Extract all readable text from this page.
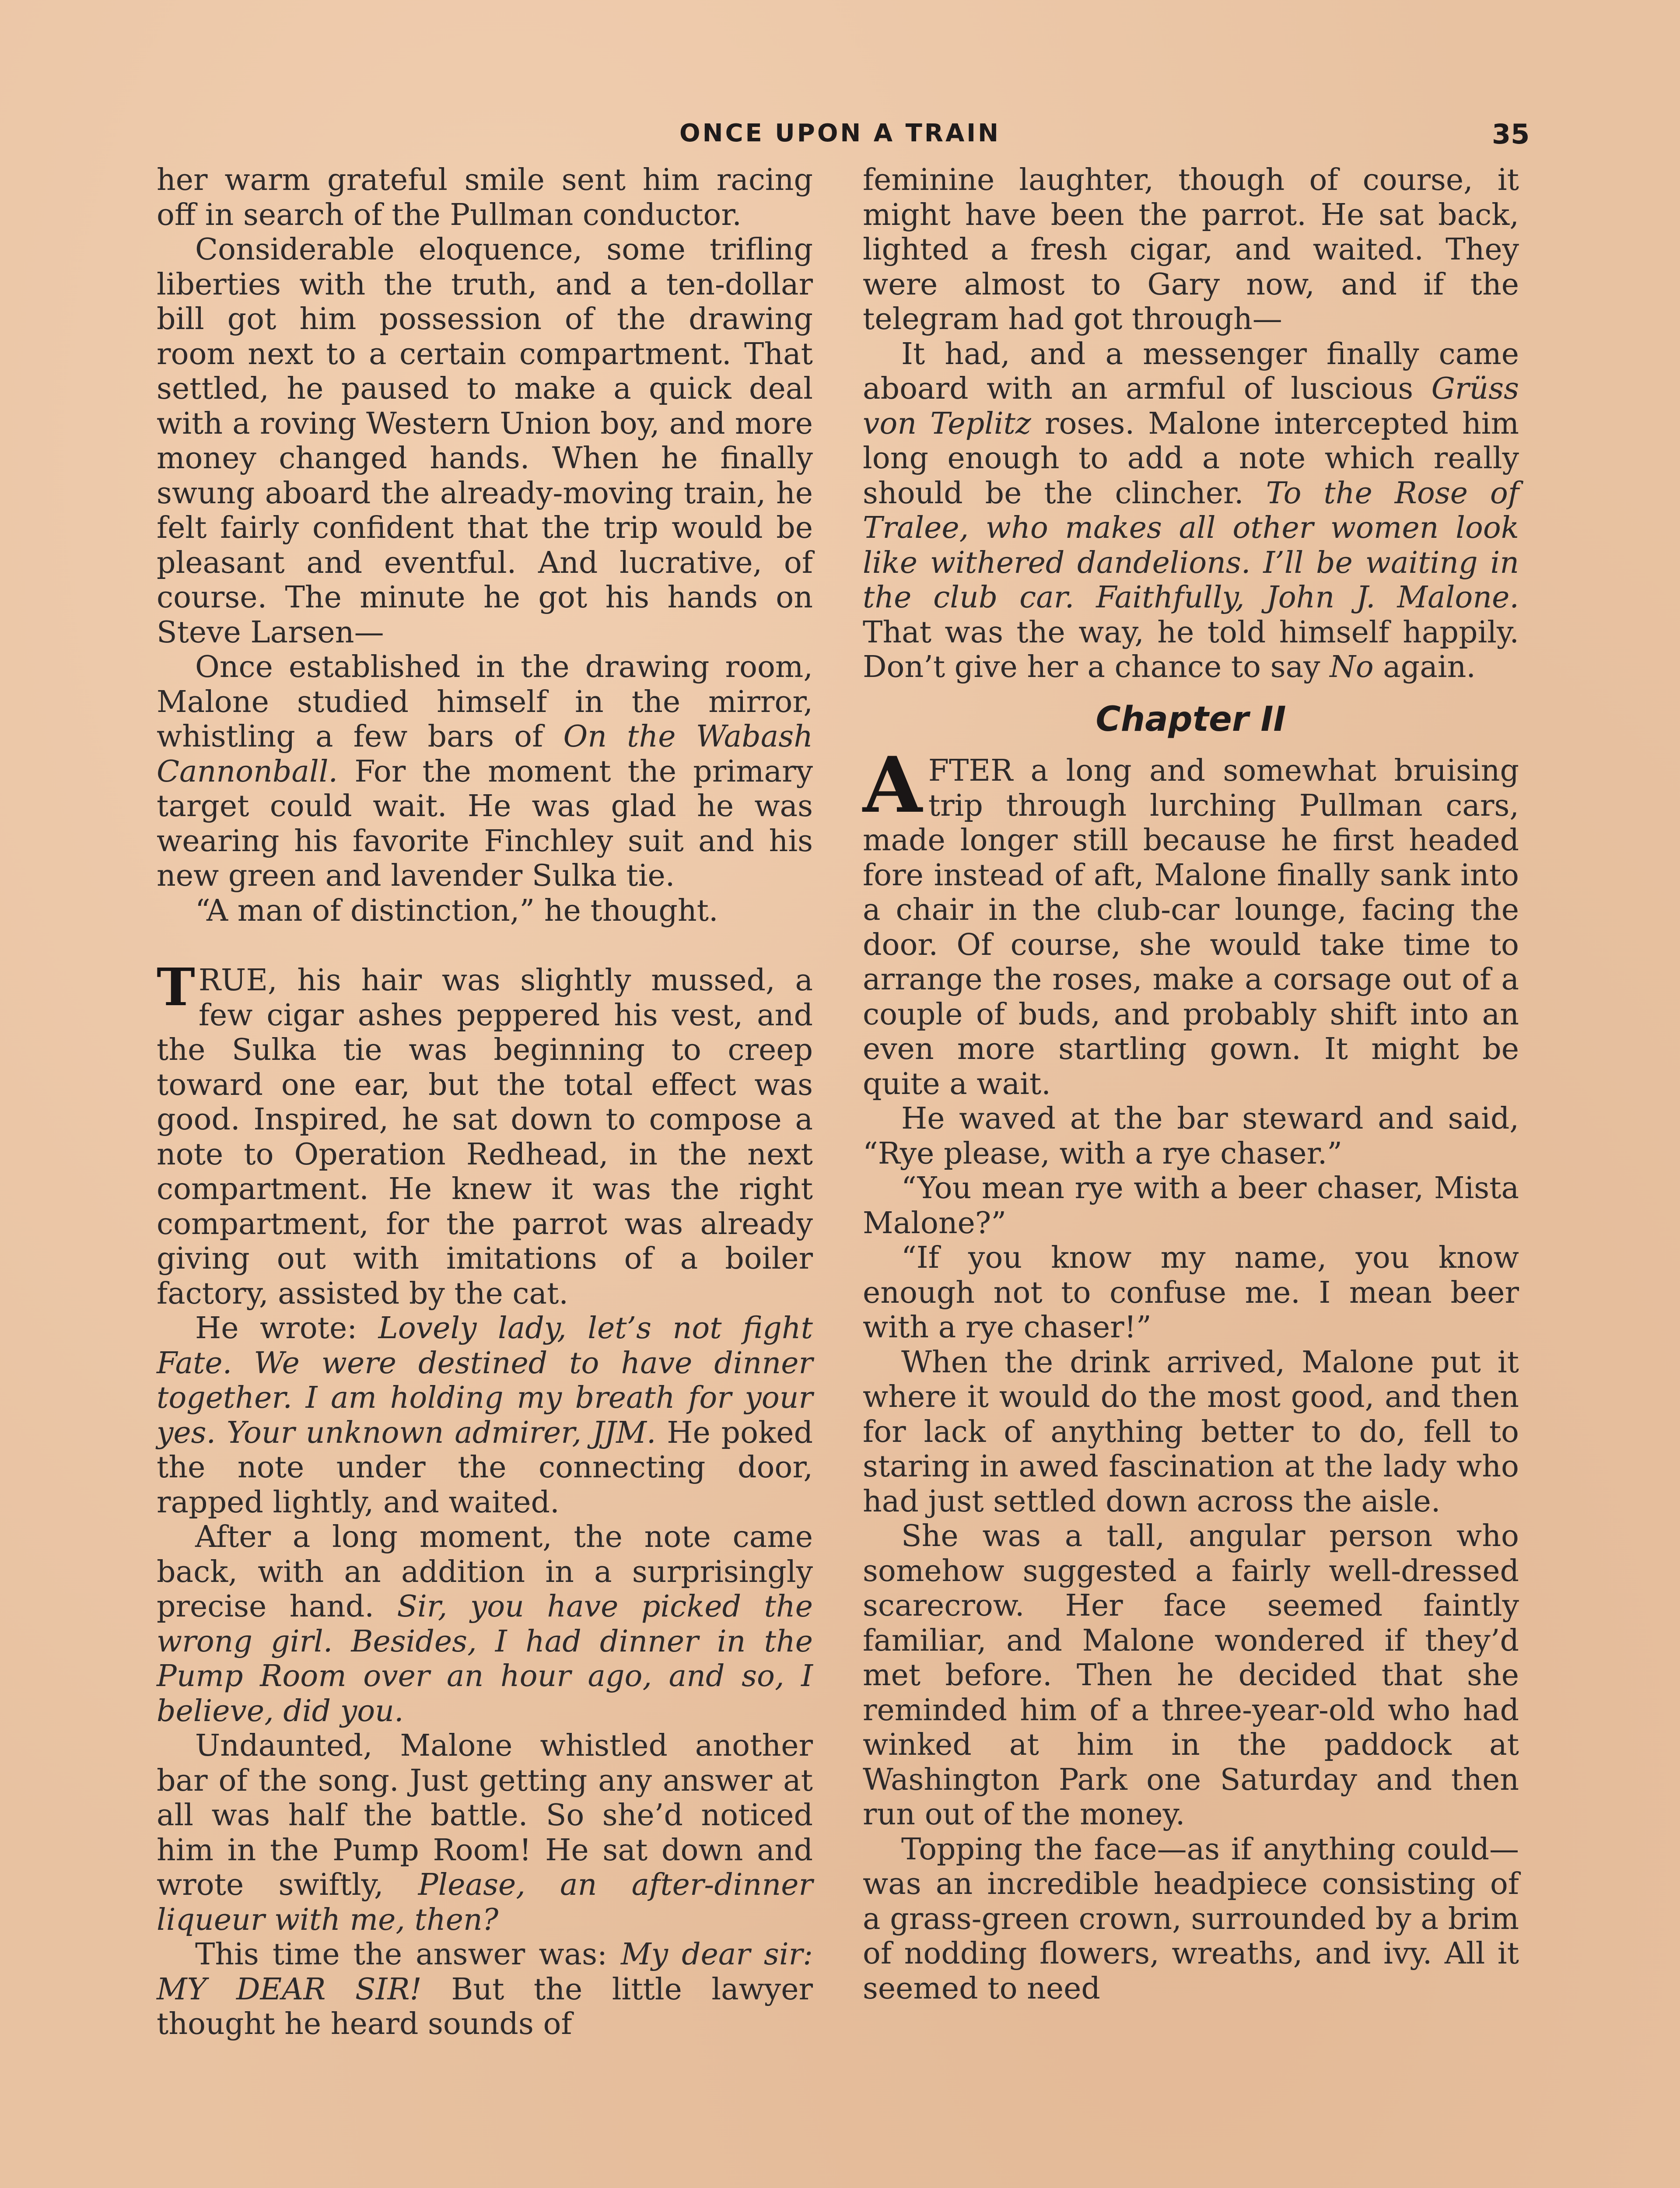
ONCE UPON A TRAIN	35

her warm grateful smile sent him racing off in search of the Pullman conductor.

Considerable eloquence, some trifling liberties with the truth, and a ten-dollar bill got him possession of the drawing room next to a certain compartment. That settled, he paused to make a quick deal with a roving Western Union boy, and more money changed hands. When he finally swung aboard the already-moving train, he felt fairly confident that the trip would be pleasant and eventful. And lucrative, of course. The minute he got his hands on Steve Larsen—

Once established in the drawing room, Malone studied himself in the mirror, whistling a few bars of On the Wabash Cannonball. For the moment the primary target could wait. He was glad he was wearing his favorite Finchley suit and his new green and lavender Sulka tie.

“A man of distinction,” he thought.

TRUE, his hair was slightly mussed, a few cigar ashes peppered his vest, and the Sulka tie was beginning to creep toward one ear, but the total effect was good. Inspired, he sat down to compose a note to Operation Redhead, in the next compartment. He knew it was the right compartment, for the parrot was already giving out with imitations of a boiler factory, assisted by the cat.

He wrote: Lovely lady, let’s not fight Fate. We were destined to have dinner together. I am holding my breath for your yes. Your unknown admirer, JJM. He poked the note under the connecting door, rapped lightly, and waited.

After a long moment, the note came back, with an addition in a surprisingly precise hand. Sir, you have picked the wrong girl. Besides, I had dinner in the Pump Room over an hour ago, and so, I believe, did you.

Undaunted, Malone whistled another bar of the song. Just getting any answer at all was half the battle. So she’d noticed him in the Pump Room! He sat down and wrote swiftly, Please, an after-dinner liqueur with me, then?

This time the answer was: My dear sir: MY DEAR SIR! But the little lawyer thought he heard sounds of

feminine laughter, though of course, it might have been the parrot. He sat back, lighted a fresh cigar, and waited. They were almost to Gary now, and if the telegram had got through—

It had, and a messenger finally came aboard with an armful of luscious Grüss von Teplitz roses. Malone intercepted him long enough to add a note which really should be the clincher. To the Rose of Tralee, who makes all other women look like withered dandelions. I’ll be waiting in the club car. Faithfully, John J. Malone. That was the way, he told himself happily. Don’t give her a chance to say No again.

Chapter II

AFTER a long and somewhat bruising trip through lurching Pullman cars, made longer still because he first headed fore instead of aft, Malone finally sank into a chair in the club-car lounge, facing the door. Of course, she would take time to arrange the roses, make a corsage out of a couple of buds, and probably shift into an even more startling gown. It might be quite a wait.

He waved at the bar steward and said, “Rye please, with a rye chaser.”

“You mean rye with a beer chaser, Mista Malone?”

“If you know my name, you know enough not to confuse me. I mean beer with a rye chaser!”

When the drink arrived, Malone put it where it would do the most good, and then for lack of anything better to do, fell to staring in awed fascination at the lady who had just settled down across the aisle.

She was a tall, angular person who somehow suggested a fairly well-dressed scarecrow. Her face seemed faintly familiar, and Malone wondered if they’d met before. Then he decided that she reminded him of a three-year-old who had winked at him in the paddock at Washington Park one Saturday and then run out of the money.

Topping the face—as if anything could—was an incredible headpiece consisting of a grass-green crown, surrounded by a brim of nodding flowers, wreaths, and ivy. All it seemed to need
